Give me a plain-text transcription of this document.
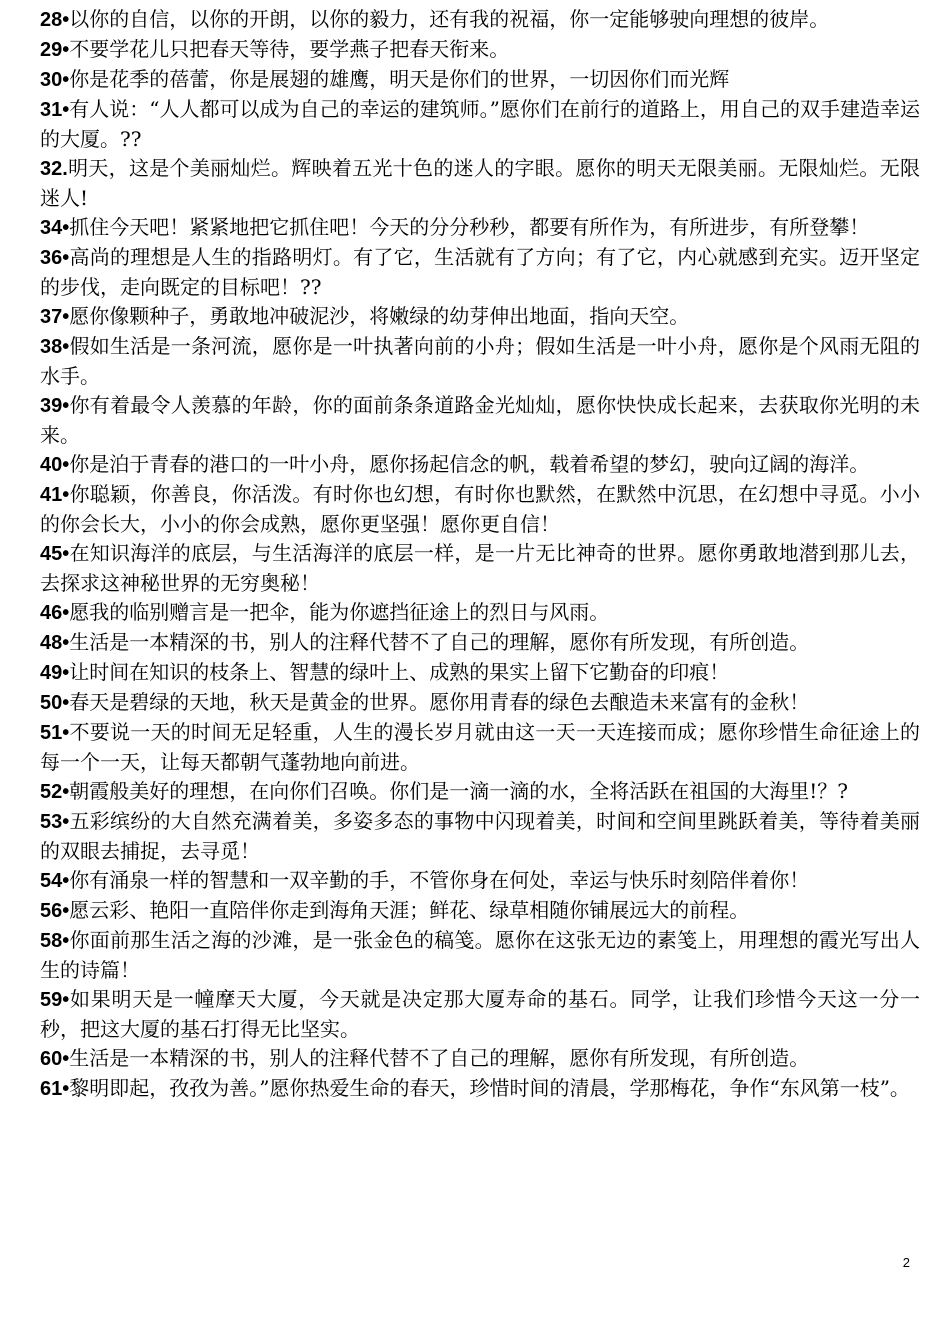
28•以你的自信，以你的开朗，以你的毅力，还有我的祝福，你一定能够驶向理想的彼岸。

29•不要学花儿只把春天等待，要学燕子把春天衔来。

30•你是花季的蓓蕾，你是展翅的雄鹰，明天是你们的世界，一切因你们而光辉

31•有人说：“人人都可以成为自己的幸运的建筑师。”愿你们在前行的道路上，用自己的双手建造幸运的大厦。??

32.明天，这是个美丽灿烂。辉映着五光十色的迷人的字眼。愿你的明天无限美丽。无限灿烂。无限迷人!

34•抓住今天吧！紧紧地把它抓住吧！今天的分分秒秒，都要有所作为，有所进步，有所登攀！

36•高尚的理想是人生的指路明灯。有了它，生活就有了方向；有了它，内心就感到充实。迈开坚定的步伐，走向既定的目标吧！??

37•愿你像颗种子，勇敢地冲破泥沙，将嫩绿的幼芽伸出地面，指向天空。

38•假如生活是一条河流，愿你是一叶执著向前的小舟；假如生活是一叶小舟，愿你是个风雨无阻的水手。

39•你有着最令人羡慕的年龄，你的面前条条道路金光灿灿，愿你快快成长起来，去获取你光明的未来。

40•你是泊于青春的港口的一叶小舟，愿你扬起信念的帆，载着希望的梦幻，驶向辽阔的海洋。

41•你聪颖，你善良，你活泼。有时你也幻想，有时你也默然，在默然中沉思，在幻想中寻觅。小小的你会长大，小小的你会成熟，愿你更坚强！愿你更自信！

45•在知识海洋的底层，与生活海洋的底层一样，是一片无比神奇的世界。愿你勇敢地潜到那儿去，去探求这神秘世界的无穷奥秘！

46•愿我的临别赠言是一把伞，能为你遮挡征途上的烈日与风雨。

48•生活是一本精深的书，别人的注释代替不了自己的理解，愿你有所发现，有所创造。

49•让时间在知识的枝条上、智慧的绿叶上、成熟的果实上留下它勤奋的印痕！

50•春天是碧绿的天地，秋天是黄金的世界。愿你用青春的绿色去酿造未来富有的金秋！

51•不要说一天的时间无足轻重，人生的漫长岁月就由这一天一天连接而成；愿你珍惜生命征途上的每一个一天，让每天都朝气蓬勃地向前进。

52•朝霞般美好的理想，在向你们召唤。你们是一滴一滴的水，全将活跃在祖国的大海里!？?

53•五彩缤纷的大自然充满着美，多姿多态的事物中闪现着美，时间和空间里跳跃着美，等待着美丽的双眼去捕捉，去寻觅！

54•你有涌泉一样的智慧和一双辛勤的手，不管你身在何处，幸运与快乐时刻陪伴着你！

56•愿云彩、艳阳一直陪伴你走到海角天涯；鲜花、绿草相随你铺展远大的前程。

58•你面前那生活之海的沙滩，是一张金色的稿笺。愿你在这张无边的素笺上，用理想的霞光写出人生的诗篇！

59•如果明天是一幢摩天大厦，今天就是决定那大厦寿命的基石。同学，让我们珍惜今天这一分一秒，把这大厦的基石打得无比坚实。

60•生活是一本精深的书，别人的注释代替不了自己的理解，愿你有所发现，有所创造。

61•黎明即起，孜孜为善。”愿你热爱生命的春天，珍惜时间的清晨，学那梅花，争作“东风第一枝”。

2
